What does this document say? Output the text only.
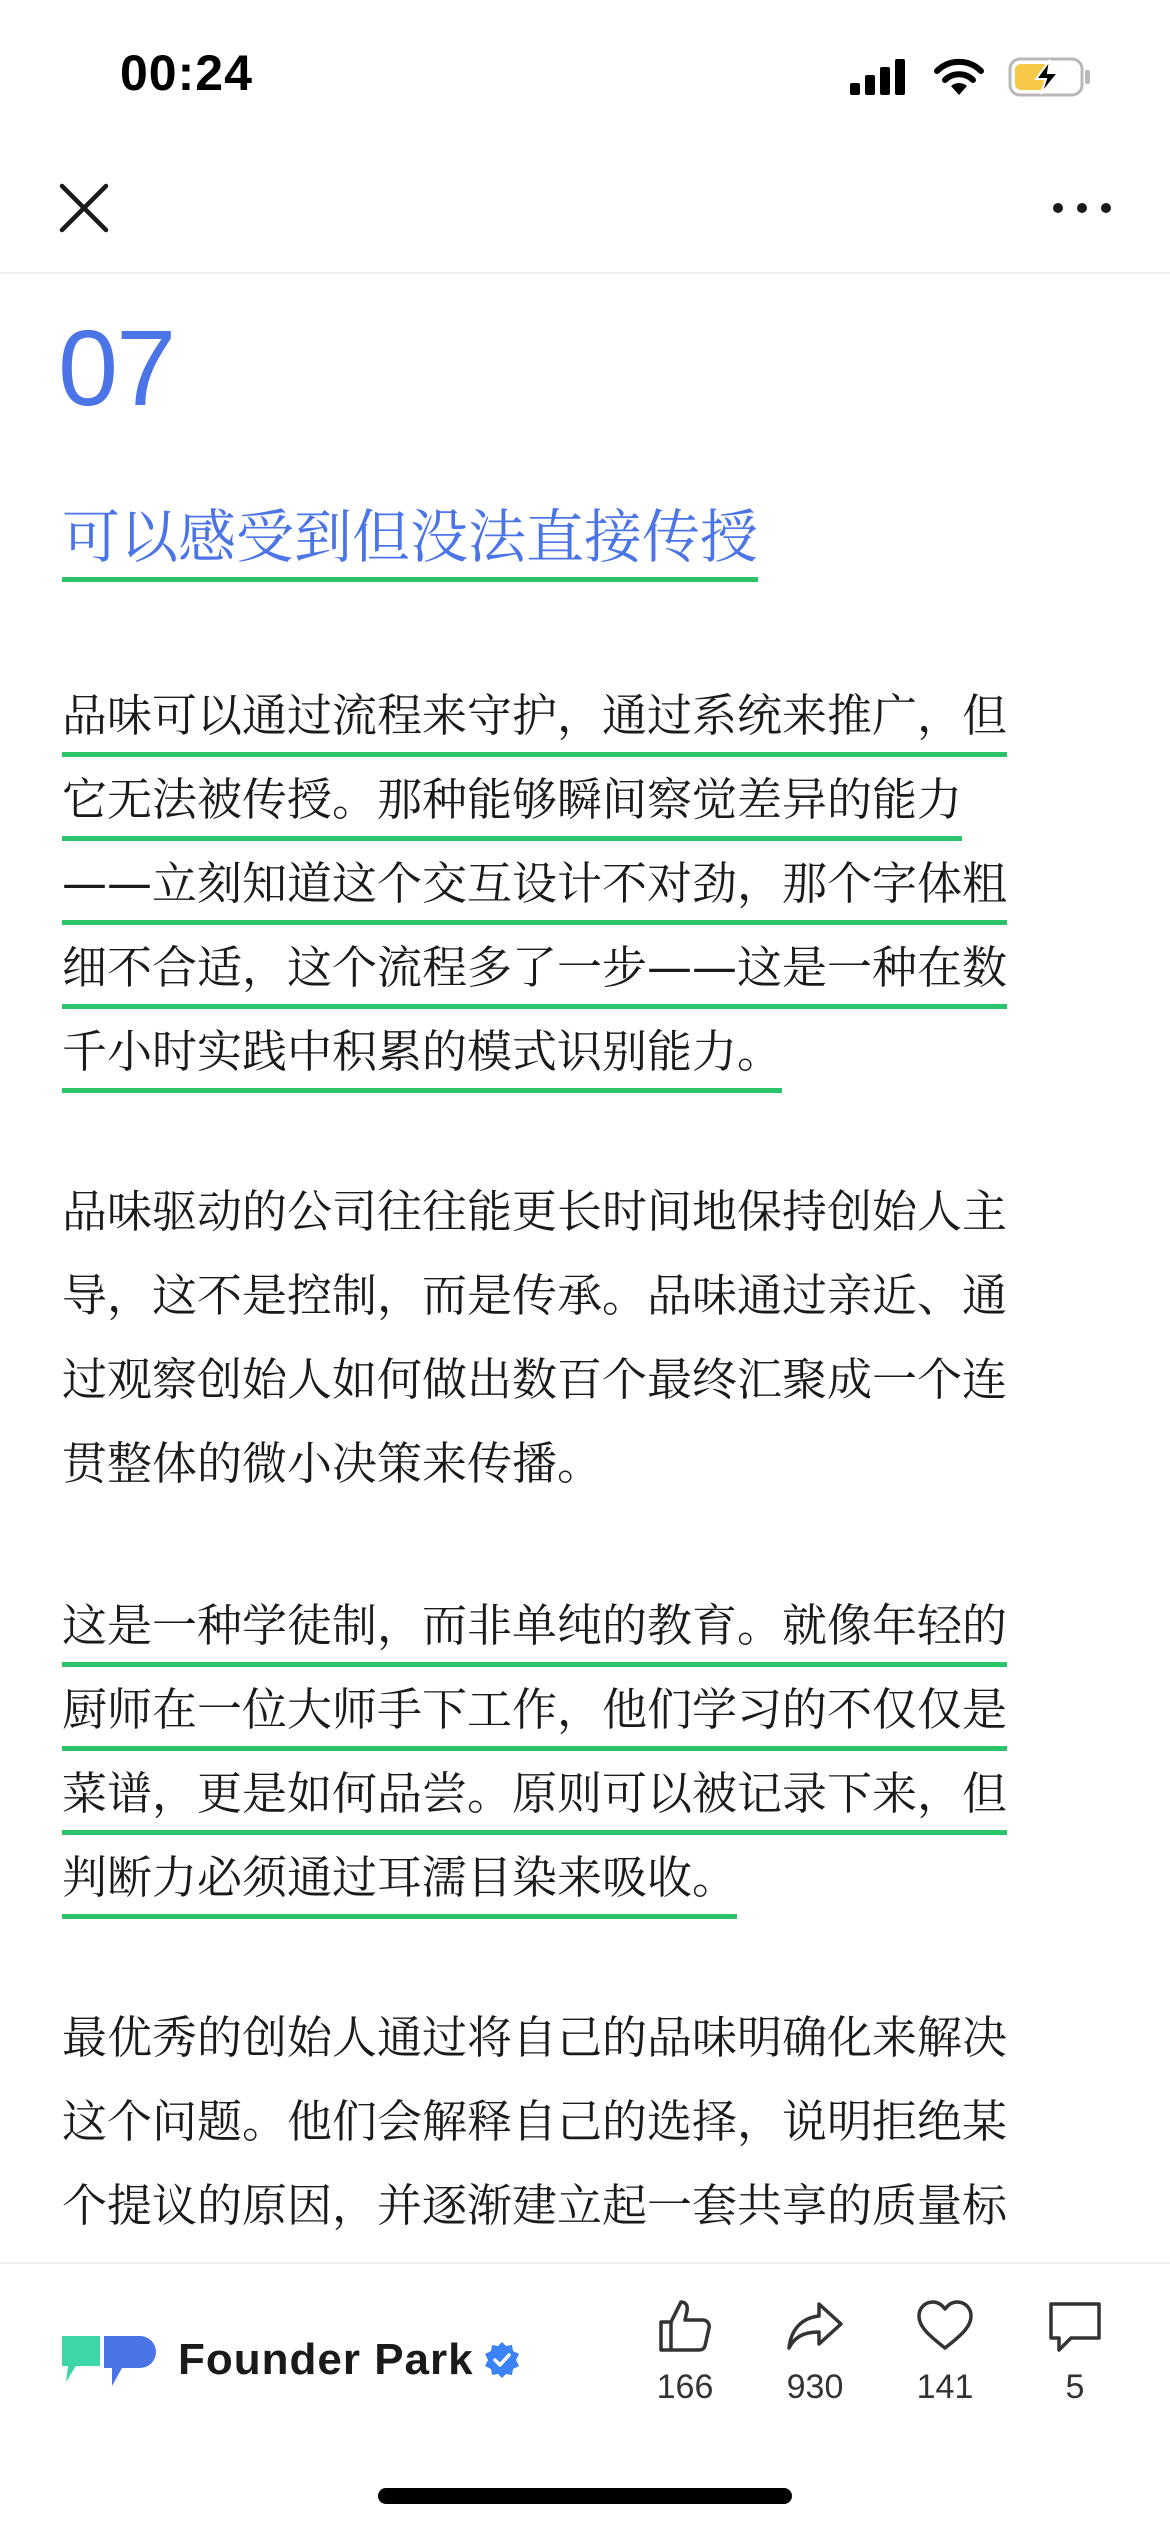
00:24
07
可以感受到但没法直接传授
品味可以通过流程来守护，通过系统来推广，但
它无法被传授。那种能够瞬间察觉差异的能力
——立刻知道这个交互设计不对劲，那个字体粗
细不合适，这个流程多了一步——这是一种在数
千小时实践中积累的模式识别能力。
品味驱动的公司往往能更长时间地保持创始人主
导，这不是控制，而是传承。品味通过亲近、通
过观察创始人如何做出数百个最终汇聚成一个连
贯整体的微小决策来传播。
这是一种学徒制，而非单纯的教育。就像年轻的
厨师在一位大师手下工作，他们学习的不仅仅是
菜谱，更是如何品尝。原则可以被记录下来，但
判断力必须通过耳濡目染来吸收。
最优秀的创始人通过将自己的品味明确化来解决
这个问题。他们会解释自己的选择，说明拒绝某
个提议的原因，并逐渐建立起一套共享的质量标

Founder Park
166 930 141	5
